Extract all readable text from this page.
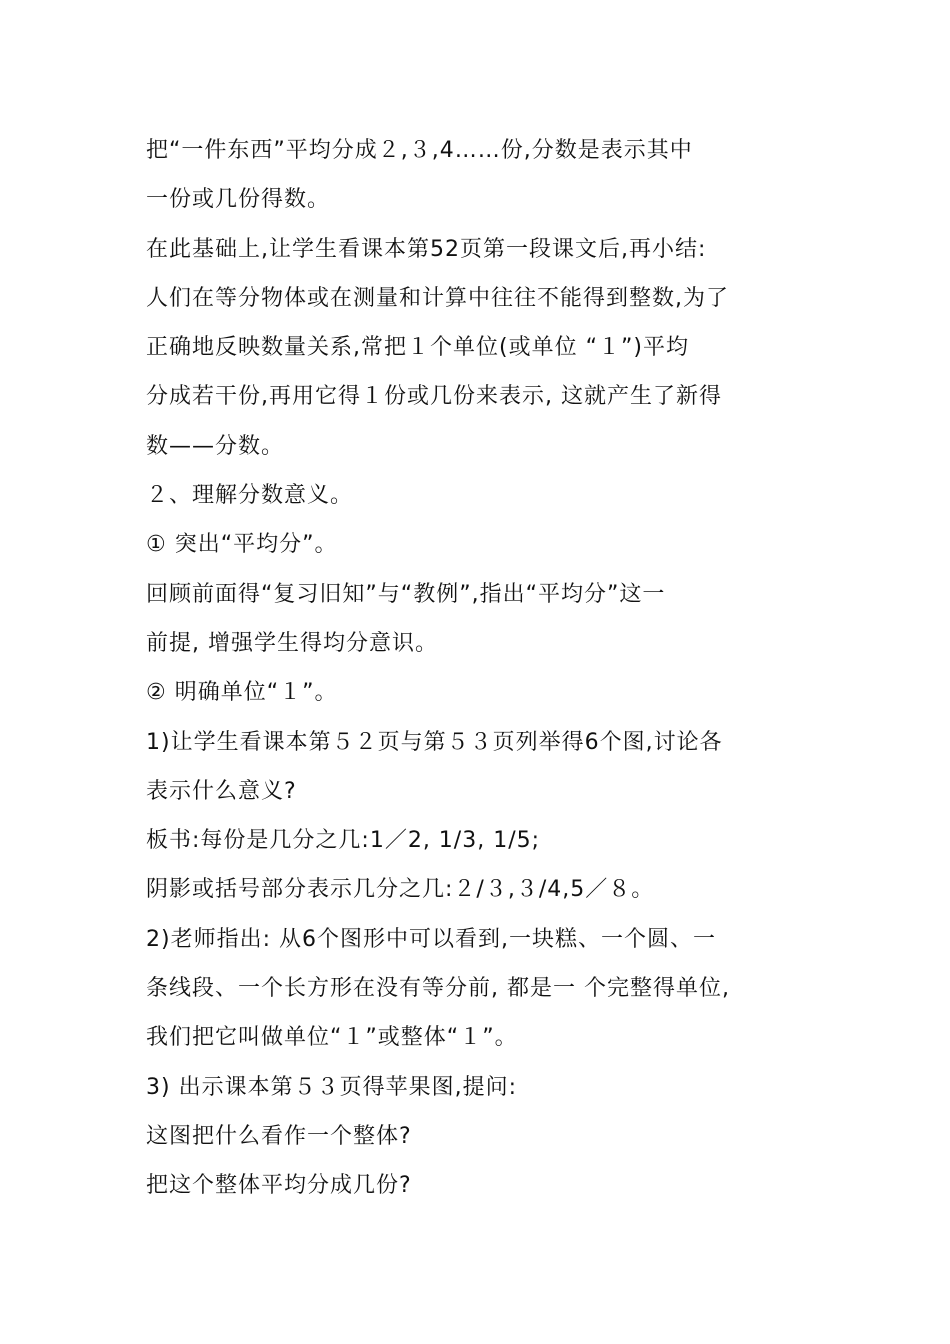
把“一件东西”平均分成２,３,4……份,分数是表示其中
一份或几份得数。
在此基础上,让学生看课本第52页第一段课文后,再小结:
人们在等分物体或在测量和计算中往往不能得到整数,为了
正确地反映数量关系,常把１个单位(或单位 “１”)平均
分成若干份,再用它得１份或几份来表示, 这就产生了新得
数——分数。
２、理解分数意义。
① 突出“平均分”。
回顾前面得“复习旧知”与“教例”,指出“平均分”这一
前提, 增强学生得均分意识。
② 明确单位“１”。
1)让学生看课本第５２页与第５３页列举得6个图,讨论各
表示什么意义?
板书:每份是几分之几:1／2, 1/3, 1/5;
阴影或括号部分表示几分之几:２/３,３/4,5／８。
2)老师指出: 从6个图形中可以看到,一块糕、一个圆、一
条线段、一个长方形在没有等分前, 都是一 个完整得单位,
我们把它叫做单位“１”或整体“１”。
3) 出示课本第５３页得苹果图,提问:
这图把什么看作一个整体?
把这个整体平均分成几份?
